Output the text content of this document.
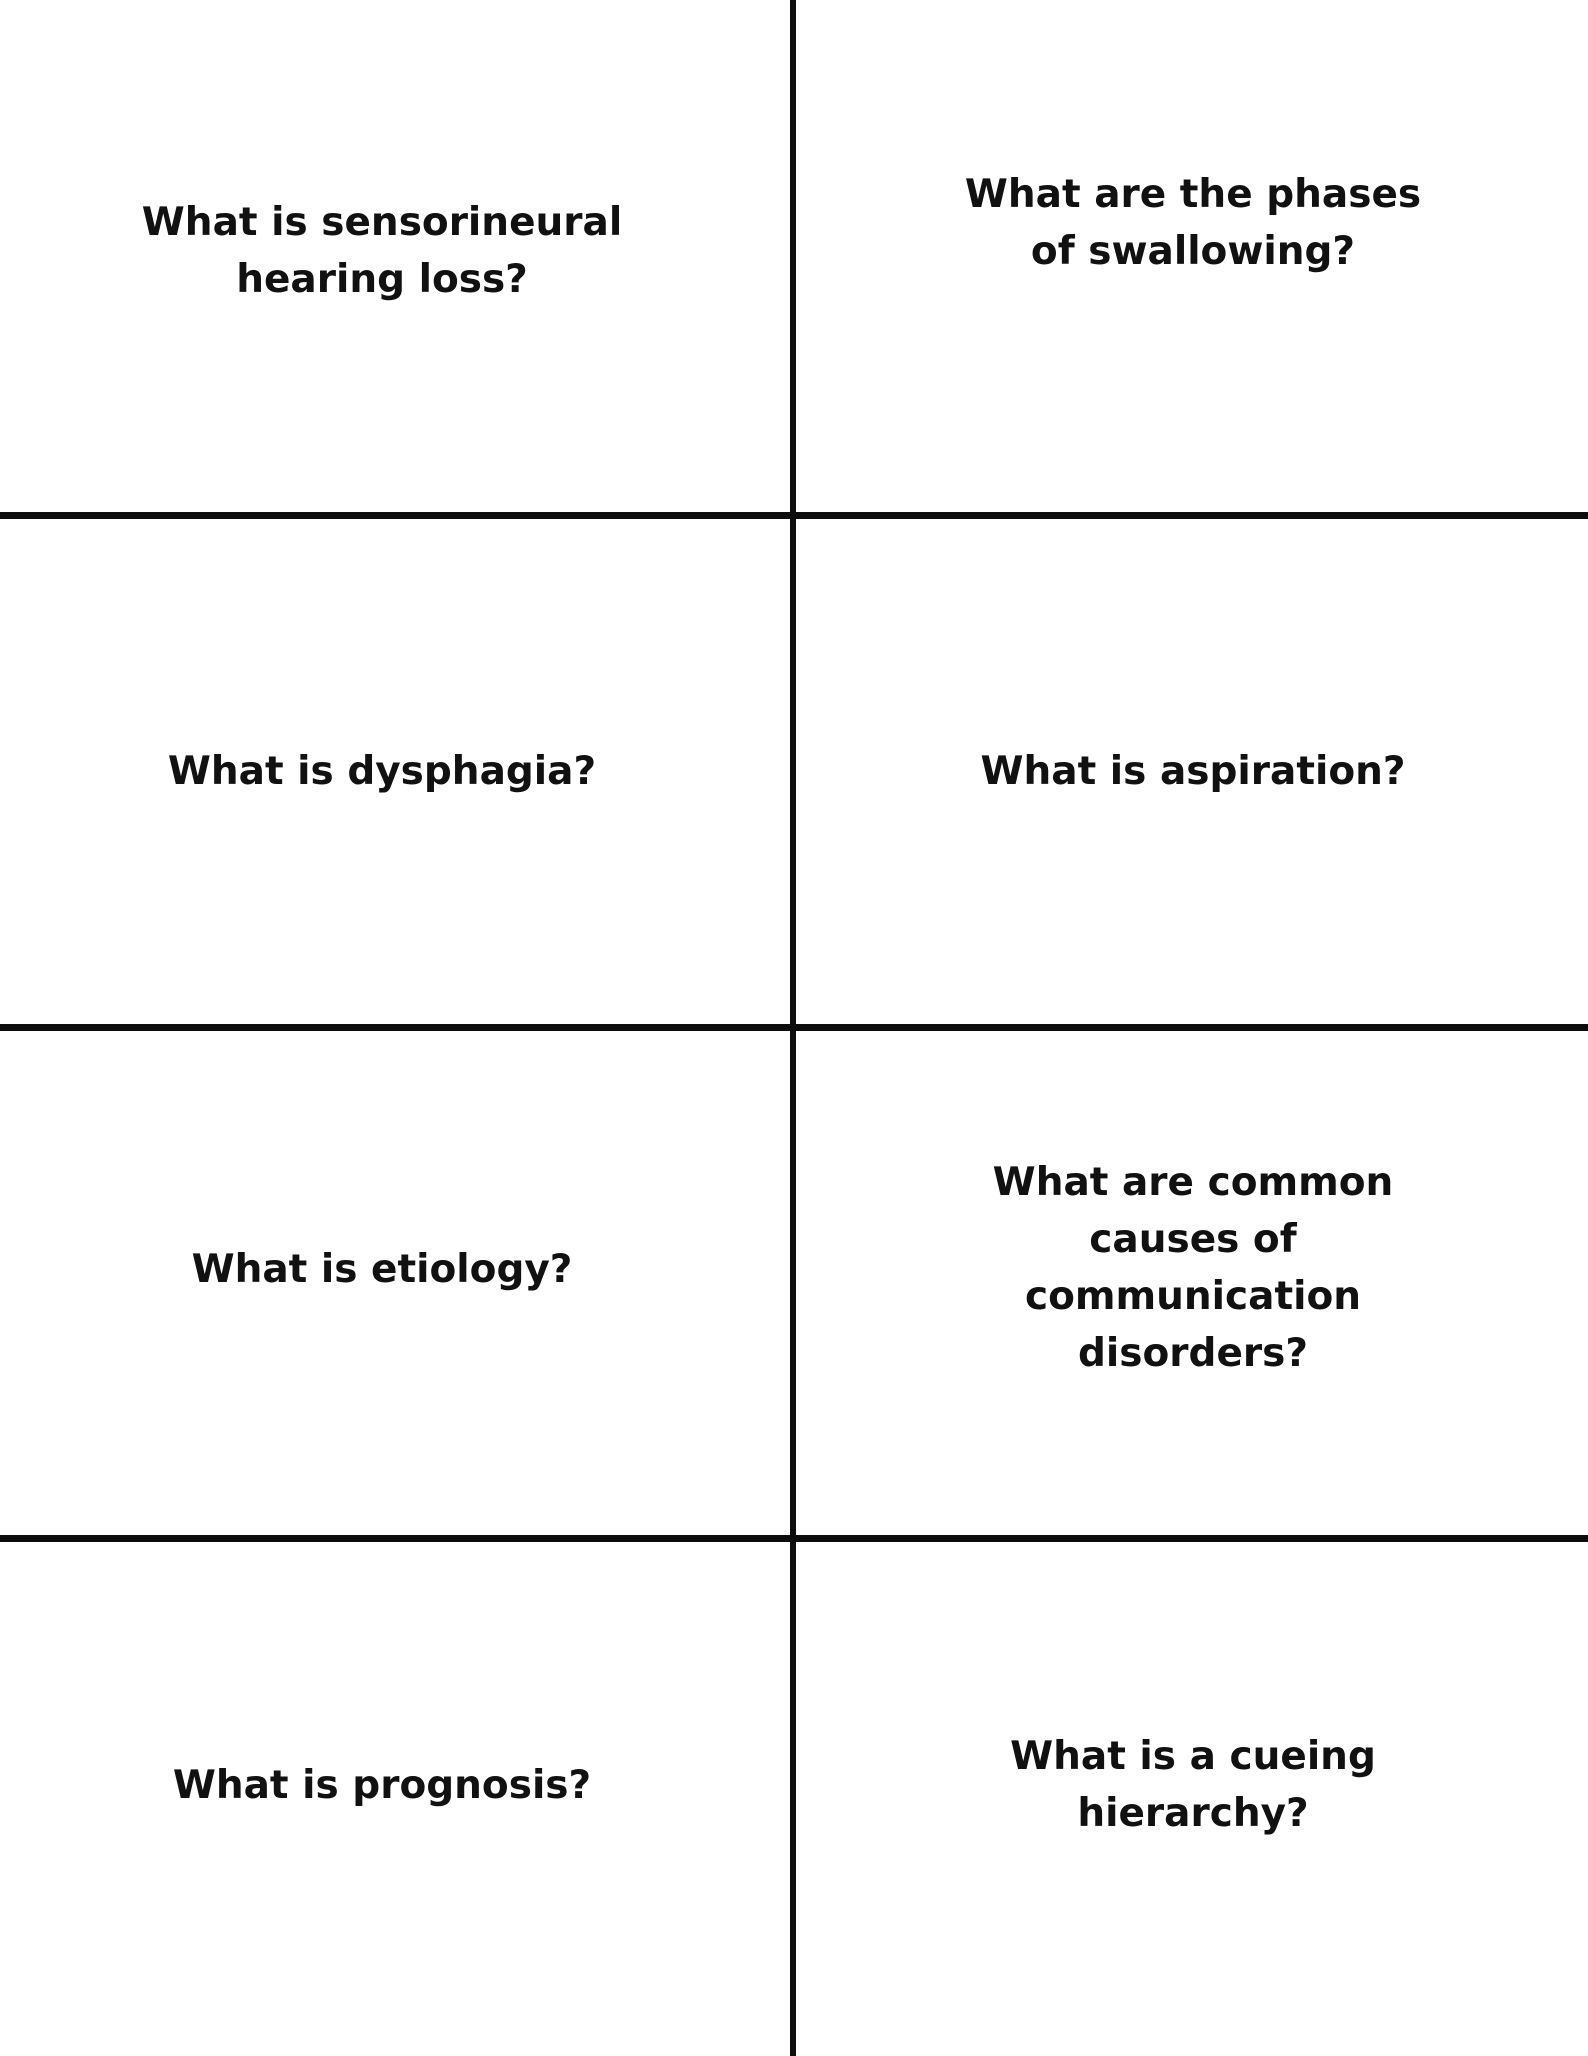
What is sensorineural
hearing loss?
What are the phases
of swallowing?
What is dysphagia?	What is aspiration?
What is etiology?
What are common
causes of
communication
disorders?
What is prognosis?
What is a cueing
hierarchy?
